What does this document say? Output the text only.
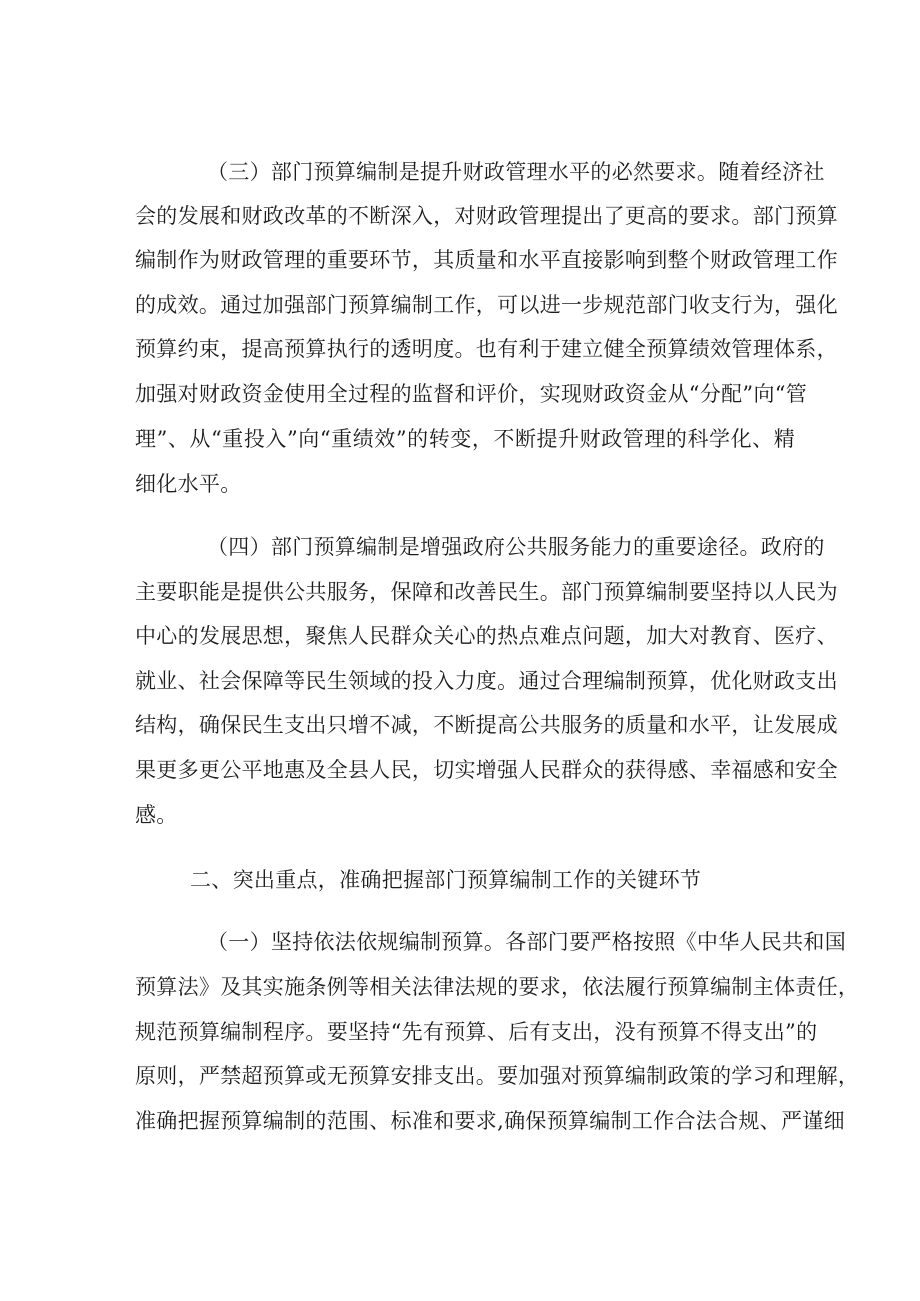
（三）部门预算编制是提升财政管理水平的必然要求。随着经济社
会的发展和财政改革的不断深入，对财政管理提出了更高的要求。部门预算
编制作为财政管理的重要环节，其质量和水平直接影响到整个财政管理工作
的成效。通过加强部门预算编制工作，可以进一步规范部门收支行为，强化
预算约束，提高预算执行的透明度。也有利于建立健全预算绩效管理体系，
加强对财政资金使用全过程的监督和评价，实现财政资金从“分配”向“管
理”、从“重投入”向“重绩效”的转变，不断提升财政管理的科学化、精
细化水平。
（四）部门预算编制是增强政府公共服务能力的重要途径。政府的
主要职能是提供公共服务，保障和改善民生。部门预算编制要坚持以人民为
中心的发展思想，聚焦人民群众关心的热点难点问题，加大对教育、医疗、
就业、社会保障等民生领域的投入力度。通过合理编制预算，优化财政支出
结构，确保民生支出只增不减，不断提高公共服务的质量和水平，让发展成
果更多更公平地惠及全县人民，切实增强人民群众的获得感、幸福感和安全
感。
二、突出重点，准确把握部门预算编制工作的关键环节
（一）坚持依法依规编制预算。各部门要严格按照《中华人民共和国
预算法》及其实施条例等相关法律法规的要求，依法履行预算编制主体责任，
规范预算编制程序。要坚持“先有预算、后有支出，没有预算不得支出”的
原则，严禁超预算或无预算安排支出。要加强对预算编制政策的学习和理解，
准确把握预算编制的范围、标准和要求,确保预算编制工作合法合规、严谨细
